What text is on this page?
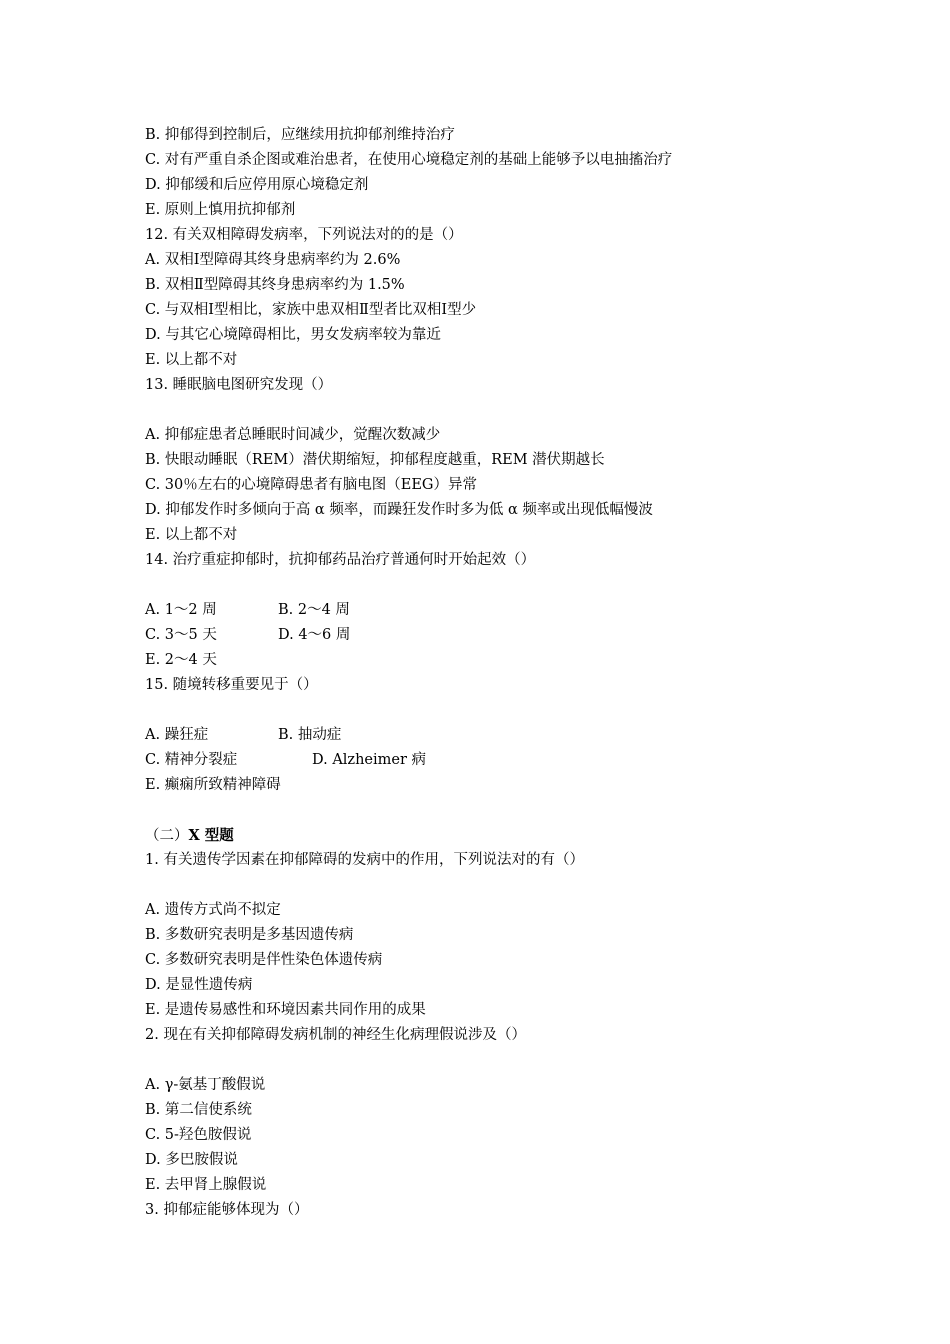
B. 抑郁得到控制后，应继续用抗抑郁剂维持治疗
C. 对有严重自杀企图或难治患者，在使用心境稳定剂的基础上能够予以电抽搐治疗
D. 抑郁缓和后应停用原心境稳定剂
E. 原则上慎用抗抑郁剂
12. 有关双相障碍发病率，下列说法对的的是（）
A. 双相Ⅰ型障碍其终身患病率约为 2.6%
B. 双相Ⅱ型障碍其终身患病率约为 1.5%
C. 与双相Ⅰ型相比，家族中患双相Ⅱ型者比双相Ⅰ型少
D. 与其它心境障碍相比，男女发病率较为靠近
E. 以上都不对
13. 睡眠脑电图研究发现（）
A. 抑郁症患者总睡眠时间减少，觉醒次数减少
B. 快眼动睡眠（REM）潜伏期缩短，抑郁程度越重，REM 潜伏期越长
C. 30％左右的心境障碍患者有脑电图（EEG）异常
D. 抑郁发作时多倾向于高 α 频率，而躁狂发作时多为低 α 频率或出现低幅慢波
E. 以上都不对
14. 治疗重症抑郁时，抗抑郁药品治疗普通何时开始起效（）
A. 1～2 周	B. 2～4 周
C. 3～5 天	D. 4～6 周
E. 2～4 天
15. 随境转移重要见于（）
A. 躁狂症	B. 抽动症
C. 精神分裂症	D. Alzheimer 病
E. 癫痫所致精神障碍
（二）X 型题
1. 有关遗传学因素在抑郁障碍的发病中的作用，下列说法对的有（）
A. 遗传方式尚不拟定
B. 多数研究表明是多基因遗传病
C. 多数研究表明是伴性染色体遗传病
D. 是显性遗传病
E. 是遗传易感性和环境因素共同作用的成果
2. 现在有关抑郁障碍发病机制的神经生化病理假说涉及（）
A. γ-氨基丁酸假说
B. 第二信使系统
C. 5-羟色胺假说
D. 多巴胺假说
E. 去甲肾上腺假说
3. 抑郁症能够体现为（）
